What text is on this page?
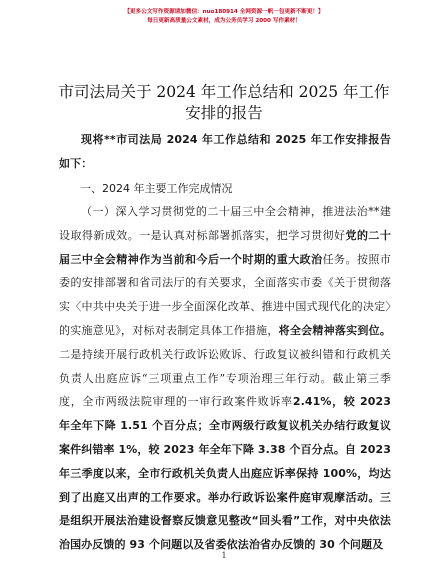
【更多公文写作资源请加微信：nuo180914 全网资源一帆一包更新不断更！】
每日更新高质量公文素材，成为公务员学习 2000 写作素材！
市司法局关于 2024 年工作总结和 2025 年工作
安排的报告

现将**市司法局 2024 年工作总结和 2025 年工作安排报告如下：

一、2024 年主要工作完成情况

（一）深入学习贯彻党的二十届三中全会精神，推进法治**建设取得新成效。一是认真对标部署抓落实，把学习贯彻好党的二十届三中全会精神作为当前和今后一个时期的重大政治任务。按照市委的安排部署和省司法厅的有关要求，全面落实市委《关于贯彻落实〈中共中央关于进一步全面深化改革、推进中国式现代化的决定〉的实施意见》，对标对表制定具体工作措施，将全会精神落实到位。二是持续开展行政机关行政诉讼败诉、行政复议被纠错和行政机关负责人出庭应诉“三项重点工作”专项治理三年行动。截止第三季度，全市两级法院审理的一审行政案件败诉率2.41%，较 2023 年全年下降 1.51 个百分点；全市两级行政复议机关办结行政复议案件纠错率 1%，较 2023 年全年下降 3.38 个百分点。自 2023 年三季度以来，全市行政机关负责人出庭应诉率保持 100%，均达到了出庭又出声的工作要求。举办行政诉讼案件庭审观摩活动。三是组织开展法治建设督察反馈意见整改“回头看”工作，对中央依法治国办反馈的 93 个问题以及省委依法治省办反馈的 30 个问题及

1
